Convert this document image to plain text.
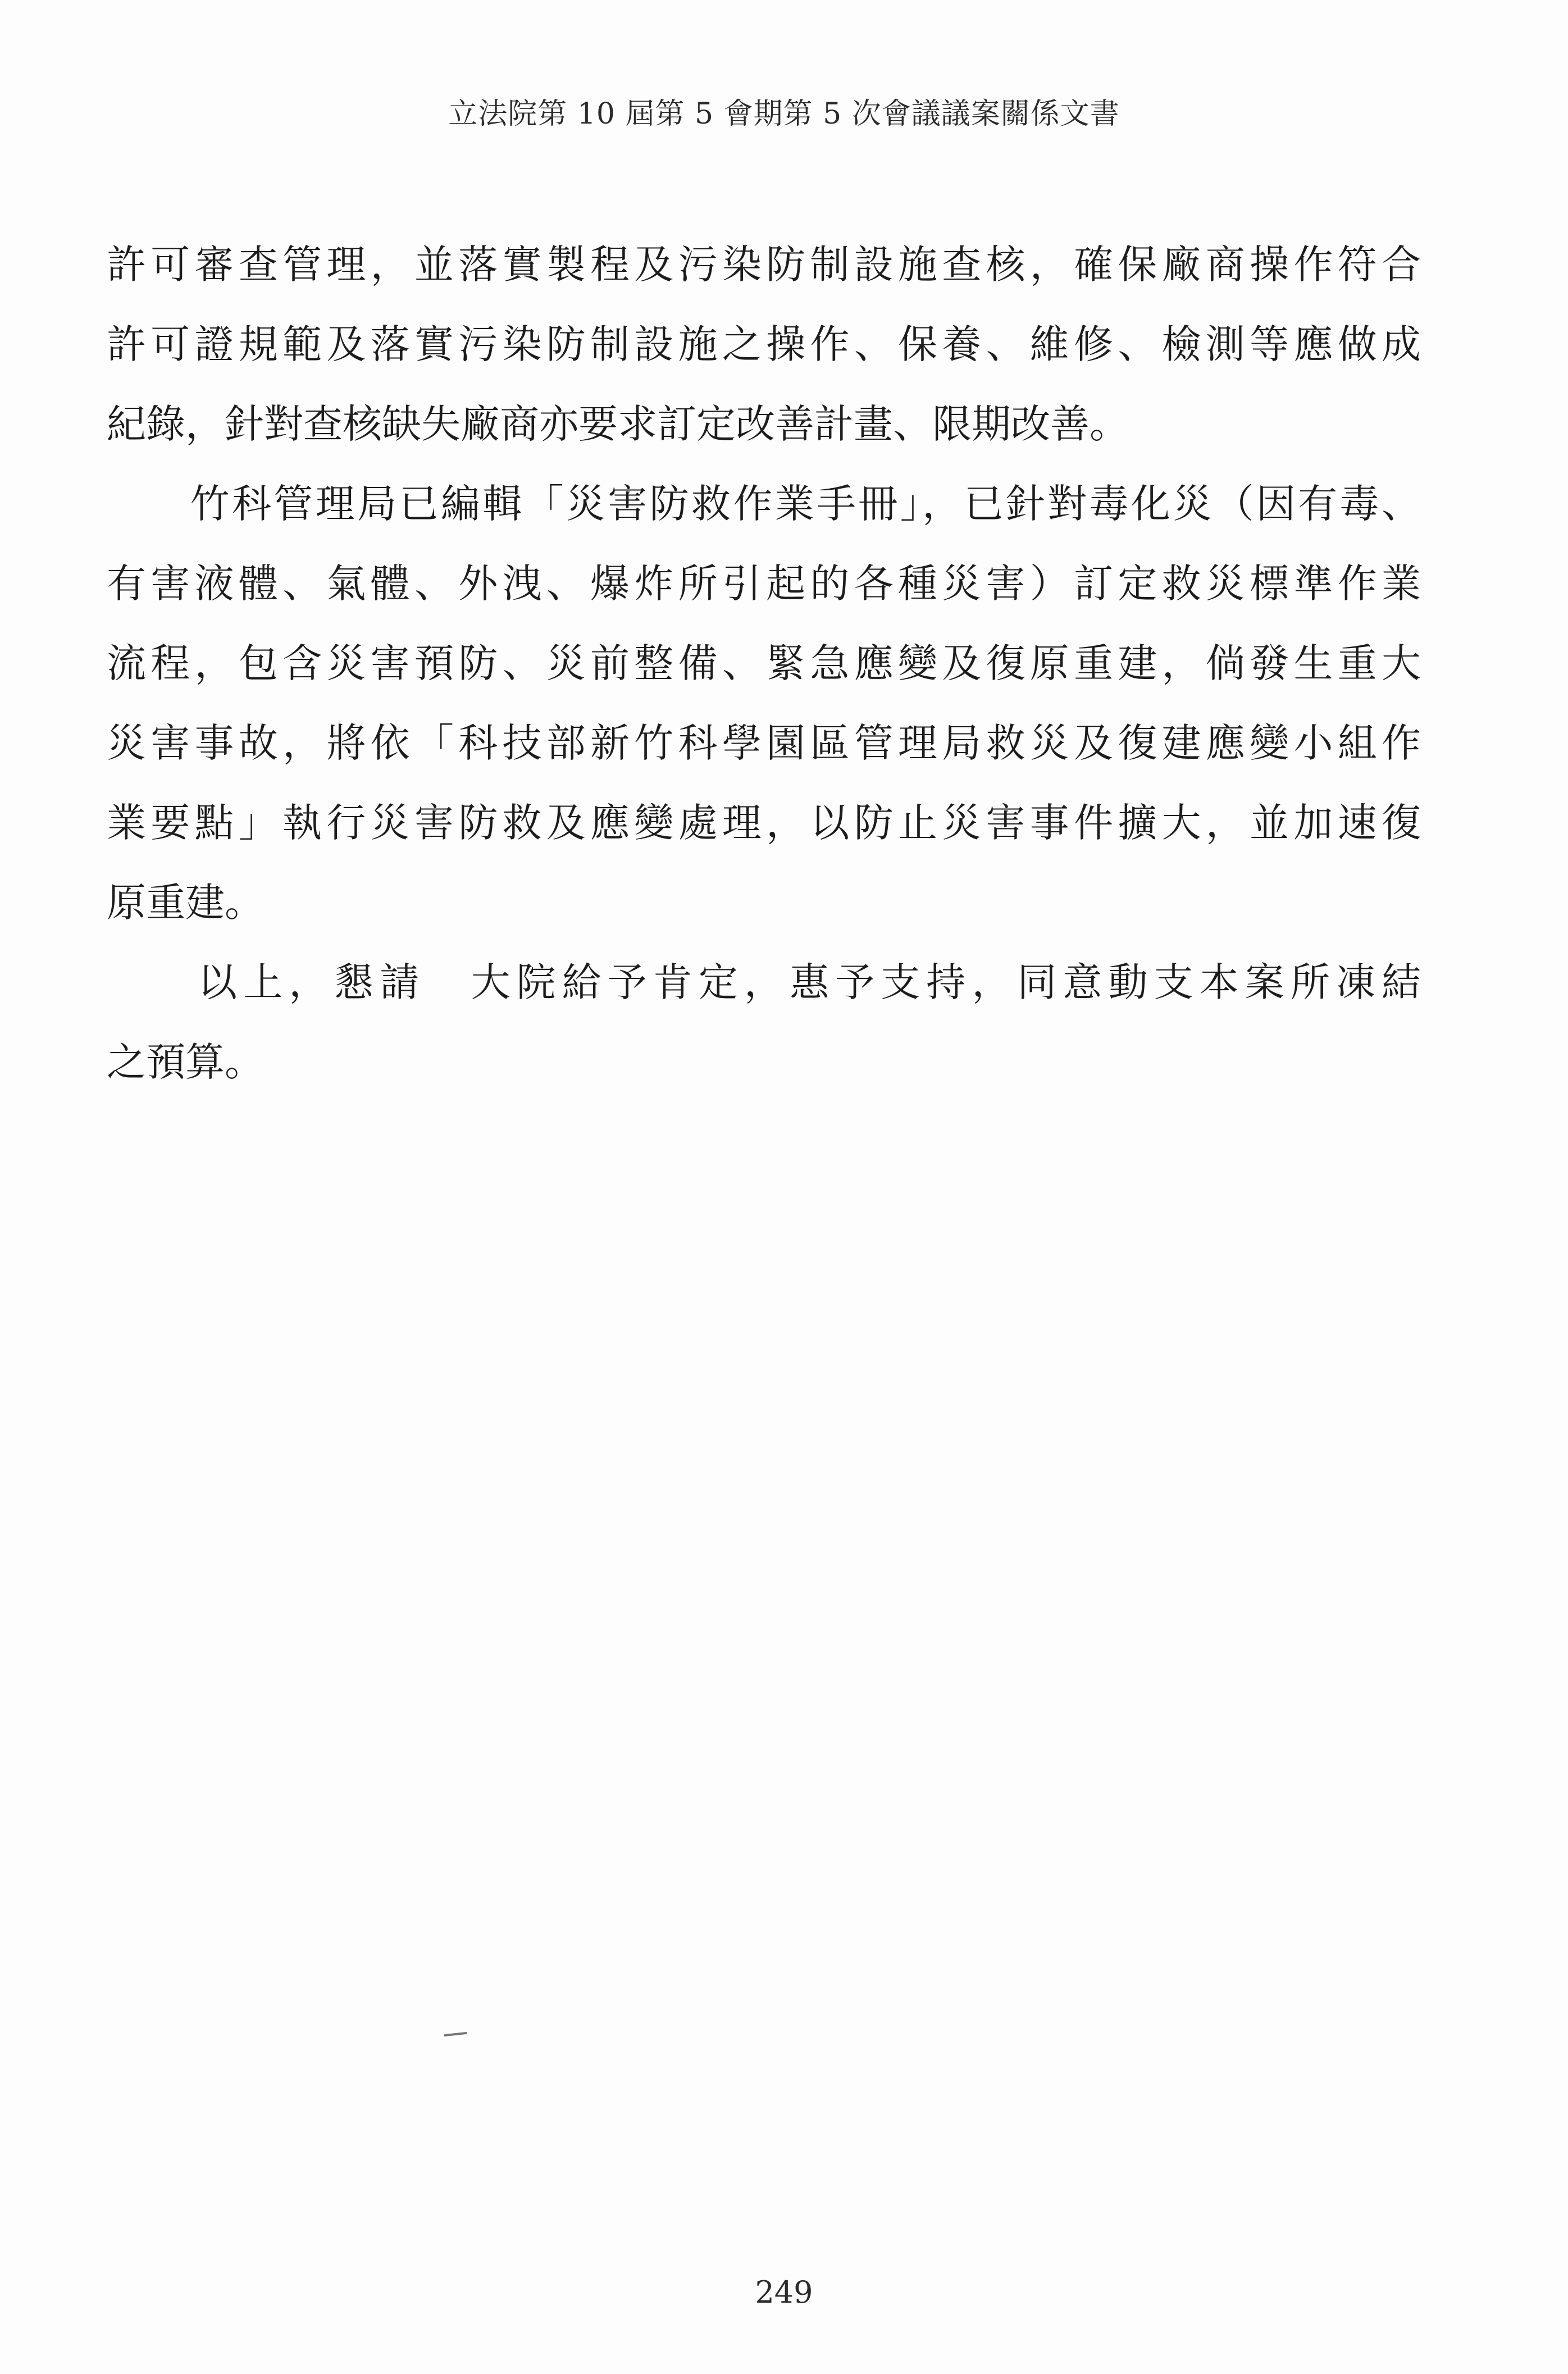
立法院第 10 屆第 5 會期第 5 次會議議案關係文書
許可審查管理，並落實製程及污染防制設施查核，確保廠商操作符合
許可證規範及落實污染防制設施之操作、保養、維修、檢測等應做成
紀錄，針對查核缺失廠商亦要求訂定改善計畫、限期改善。
　　竹科管理局已編輯「災害防救作業手冊」，已針對毒化災（因有毒、
有害液體、氣體、外洩、爆炸所引起的各種災害）訂定救災標準作業
流程，包含災害預防、災前整備、緊急應變及復原重建，倘發生重大
災害事故，將依「科技部新竹科學園區管理局救災及復建應變小組作
業要點」執行災害防救及應變處理，以防止災害事件擴大，並加速復
原重建。
　　以上，懇請　大院給予肯定，惠予支持，同意動支本案所凍結
之預算。
249
